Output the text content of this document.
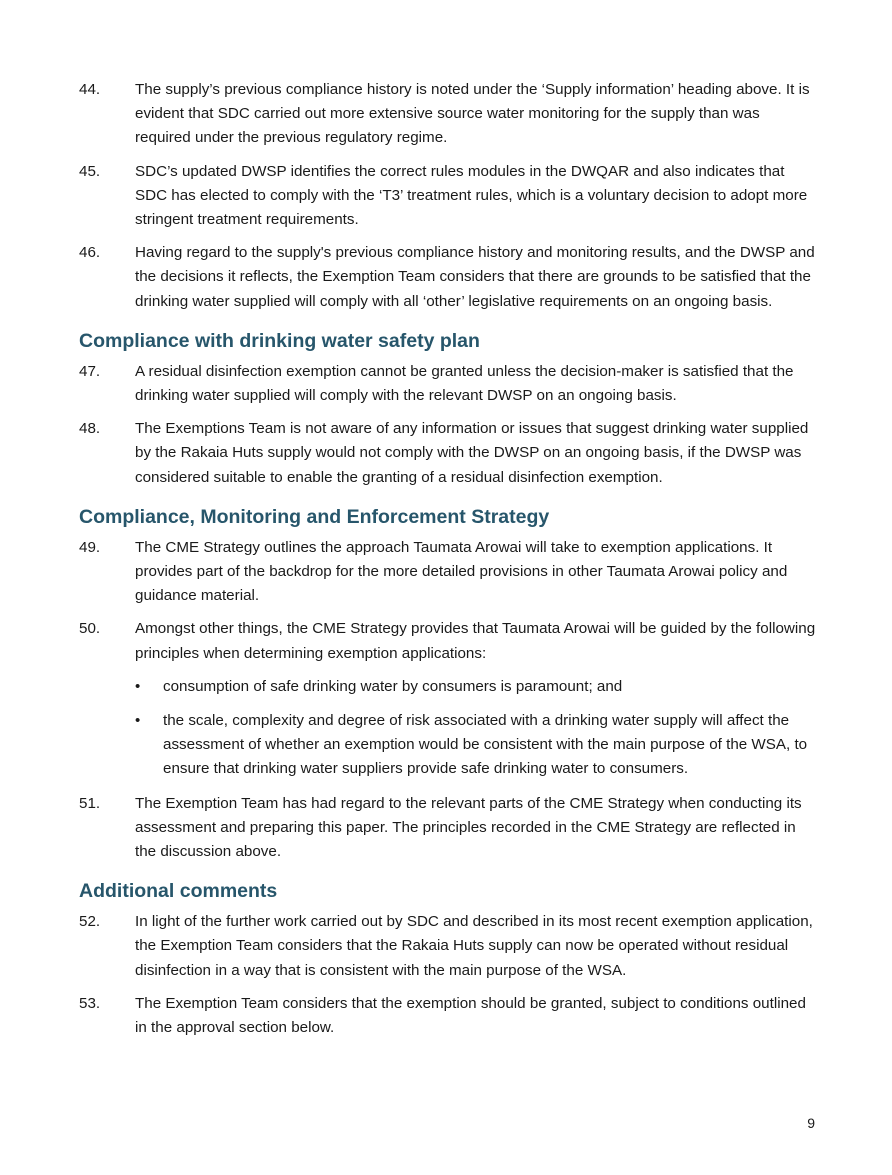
44.	The supply’s previous compliance history is noted under the ‘Supply information’ heading above. It is evident that SDC carried out more extensive source water monitoring for the supply than was required under the previous regulatory regime.
45.	SDC’s updated DWSP identifies the correct rules modules in the DWQAR and also indicates that SDC has elected to comply with the ‘T3’ treatment rules, which is a voluntary decision to adopt more stringent treatment requirements.
46.	Having regard to the supply's previous compliance history and monitoring results, and the DWSP and the decisions it reflects, the Exemption Team considers that there are grounds to be satisfied that the drinking water supplied will comply with all ‘other’ legislative requirements on an ongoing basis.
Compliance with drinking water safety plan
47.	A residual disinfection exemption cannot be granted unless the decision-maker is satisfied that the drinking water supplied will comply with the relevant DWSP on an ongoing basis.
48.	The Exemptions Team is not aware of any information or issues that suggest drinking water supplied by the Rakaia Huts supply would not comply with the DWSP on an ongoing basis, if the DWSP was considered suitable to enable the granting of a residual disinfection exemption.
Compliance, Monitoring and Enforcement Strategy
49.	The CME Strategy outlines the approach Taumata Arowai will take to exemption applications. It provides part of the backdrop for the more detailed provisions in other Taumata Arowai policy and guidance material.
50.	Amongst other things, the CME Strategy provides that Taumata Arowai will be guided by the following principles when determining exemption applications:
•	consumption of safe drinking water by consumers is paramount; and
•	the scale, complexity and degree of risk associated with a drinking water supply will affect the assessment of whether an exemption would be consistent with the main purpose of the WSA, to ensure that drinking water suppliers provide safe drinking water to consumers.
51.	The Exemption Team has had regard to the relevant parts of the CME Strategy when conducting its assessment and preparing this paper. The principles recorded in the CME Strategy are reflected in the discussion above.
Additional comments
52.	In light of the further work carried out by SDC and described in its most recent exemption application, the Exemption Team considers that the Rakaia Huts supply can now be operated without residual disinfection in a way that is consistent with the main purpose of the WSA.
53.	The Exemption Team considers that the exemption should be granted, subject to conditions outlined in the approval section below.
9
